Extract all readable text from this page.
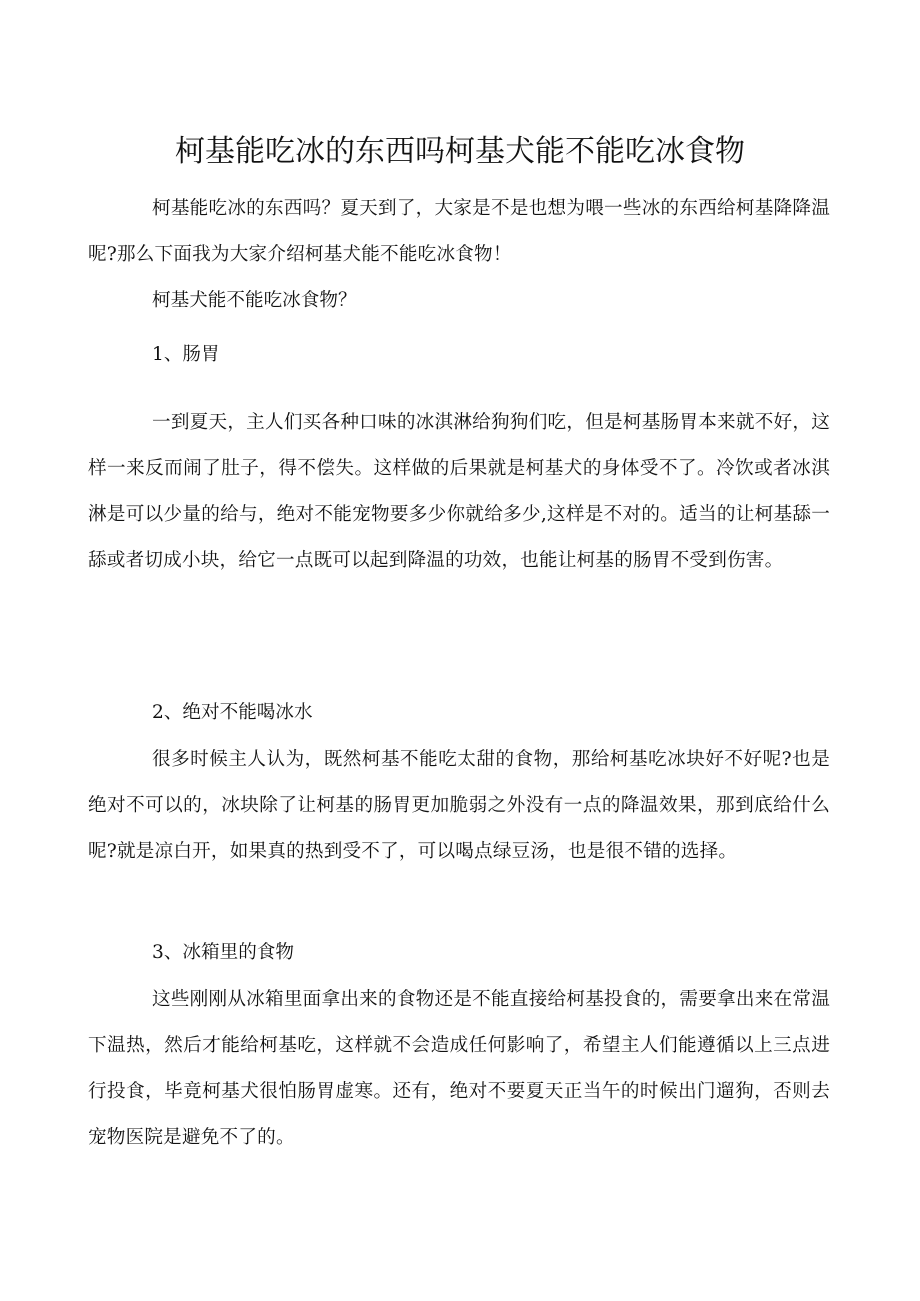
柯基能吃冰的东西吗柯基犬能不能吃冰食物

柯基能吃冰的东西吗？夏天到了，大家是不是也想为喂一些冰的东西给柯基降降温呢?那么下面我为大家介绍柯基犬能不能吃冰食物！

柯基犬能不能吃冰食物？

1、肠胃

一到夏天，主人们买各种口味的冰淇淋给狗狗们吃，但是柯基肠胃本来就不好，这样一来反而闹了肚子，得不偿失。这样做的后果就是柯基犬的身体受不了。冷饮或者冰淇淋是可以少量的给与，绝对不能宠物要多少你就给多少,这样是不对的。适当的让柯基舔一舔或者切成小块，给它一点既可以起到降温的功效，也能让柯基的肠胃不受到伤害。

2、绝对不能喝冰水

很多时候主人认为，既然柯基不能吃太甜的食物，那给柯基吃冰块好不好呢?也是绝对不可以的，冰块除了让柯基的肠胃更加脆弱之外没有一点的降温效果，那到底给什么呢?就是凉白开，如果真的热到受不了，可以喝点绿豆汤，也是很不错的选择。

3、冰箱里的食物

这些刚刚从冰箱里面拿出来的食物还是不能直接给柯基投食的，需要拿出来在常温下温热，然后才能给柯基吃，这样就不会造成任何影响了，希望主人们能遵循以上三点进行投食，毕竟柯基犬很怕肠胃虚寒。还有，绝对不要夏天正当午的时候出门遛狗，否则去宠物医院是避免不了的。
